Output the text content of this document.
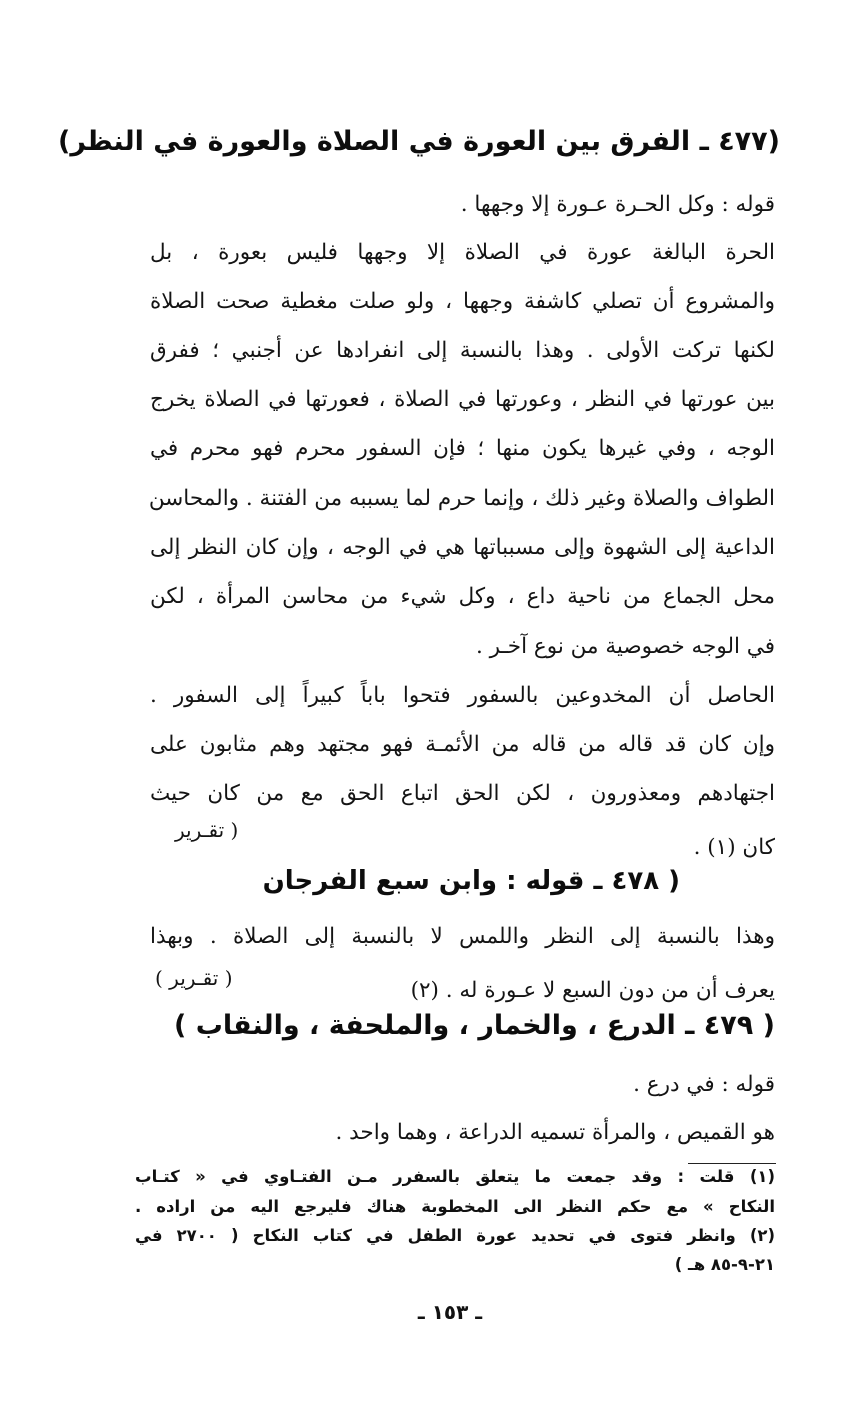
(٤٧٧ ـ الفرق بين العورة في الصلاة والعورة في النظر)
قوله : وكل الحـرة عـورة إلا وجهها .
الحرة البالغة عورة في الصلاة إلا وجهها فليس بعورة ، بل
والمشروع أن تصلي كاشفة وجهها ، ولو صلت مغطية صحت الصلاة
لكنها تركت الأولى . وهذا بالنسبة إلى انفرادها عن أجنبي ؛ ففرق
بين عورتها في النظر ، وعورتها في الصلاة ، فعورتها في الصلاة يخرج
الوجه ، وفي غيرها يكون منها ؛ فإن السفور محرم فهو محرم في
الطواف والصلاة وغير ذلك ، وإنما حرم لما يسببه من الفتنة . والمحاسن
الداعية إلى الشهوة وإلى مسبباتها هي في الوجه ، وإن كان النظر إلى
محل الجماع من ناحية داع ، وكل شيء من محاسن المرأة ، لكن
في الوجه خصوصية من نوع آخـر .
الحاصل أن المخدوعين بالسفور فتحوا باباً كبيراً إلى السفور .
وإن كان قد قاله من قاله من الأئمـة فهو مجتهد وهم مثابون على
اجتهادهم ومعذورون ، لكن الحق اتباع الحق مع من كان حيث
كان (١) .
( تقـرير
( ٤٧٨ ـ قوله : وابن سبع الفرجان
وهذا بالنسبة إلى النظر واللمس لا بالنسبة إلى الصلاة . وبهذا
يعرف أن من دون السبع لا عـورة له . (٢)
( تقـرير )
( ٤٧٩ ـ الدرع ، والخمار ، والملحفة ، والنقاب )
قوله : في درع .
هو القميص ، والمرأة تسميه الدراعة ، وهما واحد .
(١) قلت : وقد جمعت ما يتعلق بالسفرر مـن الفتـاوي في « كتـاب
النكاح » مع حكم النظر الى المخطوبة هناك فليرجع اليه من اراده .
(٢) وانظر فتوى في تحديد عورة الطفل في كتاب النكاح ( ٢٧٠٠ في
٢١-٩-٨٥ هـ )
ـ ١٥٣ ـ
